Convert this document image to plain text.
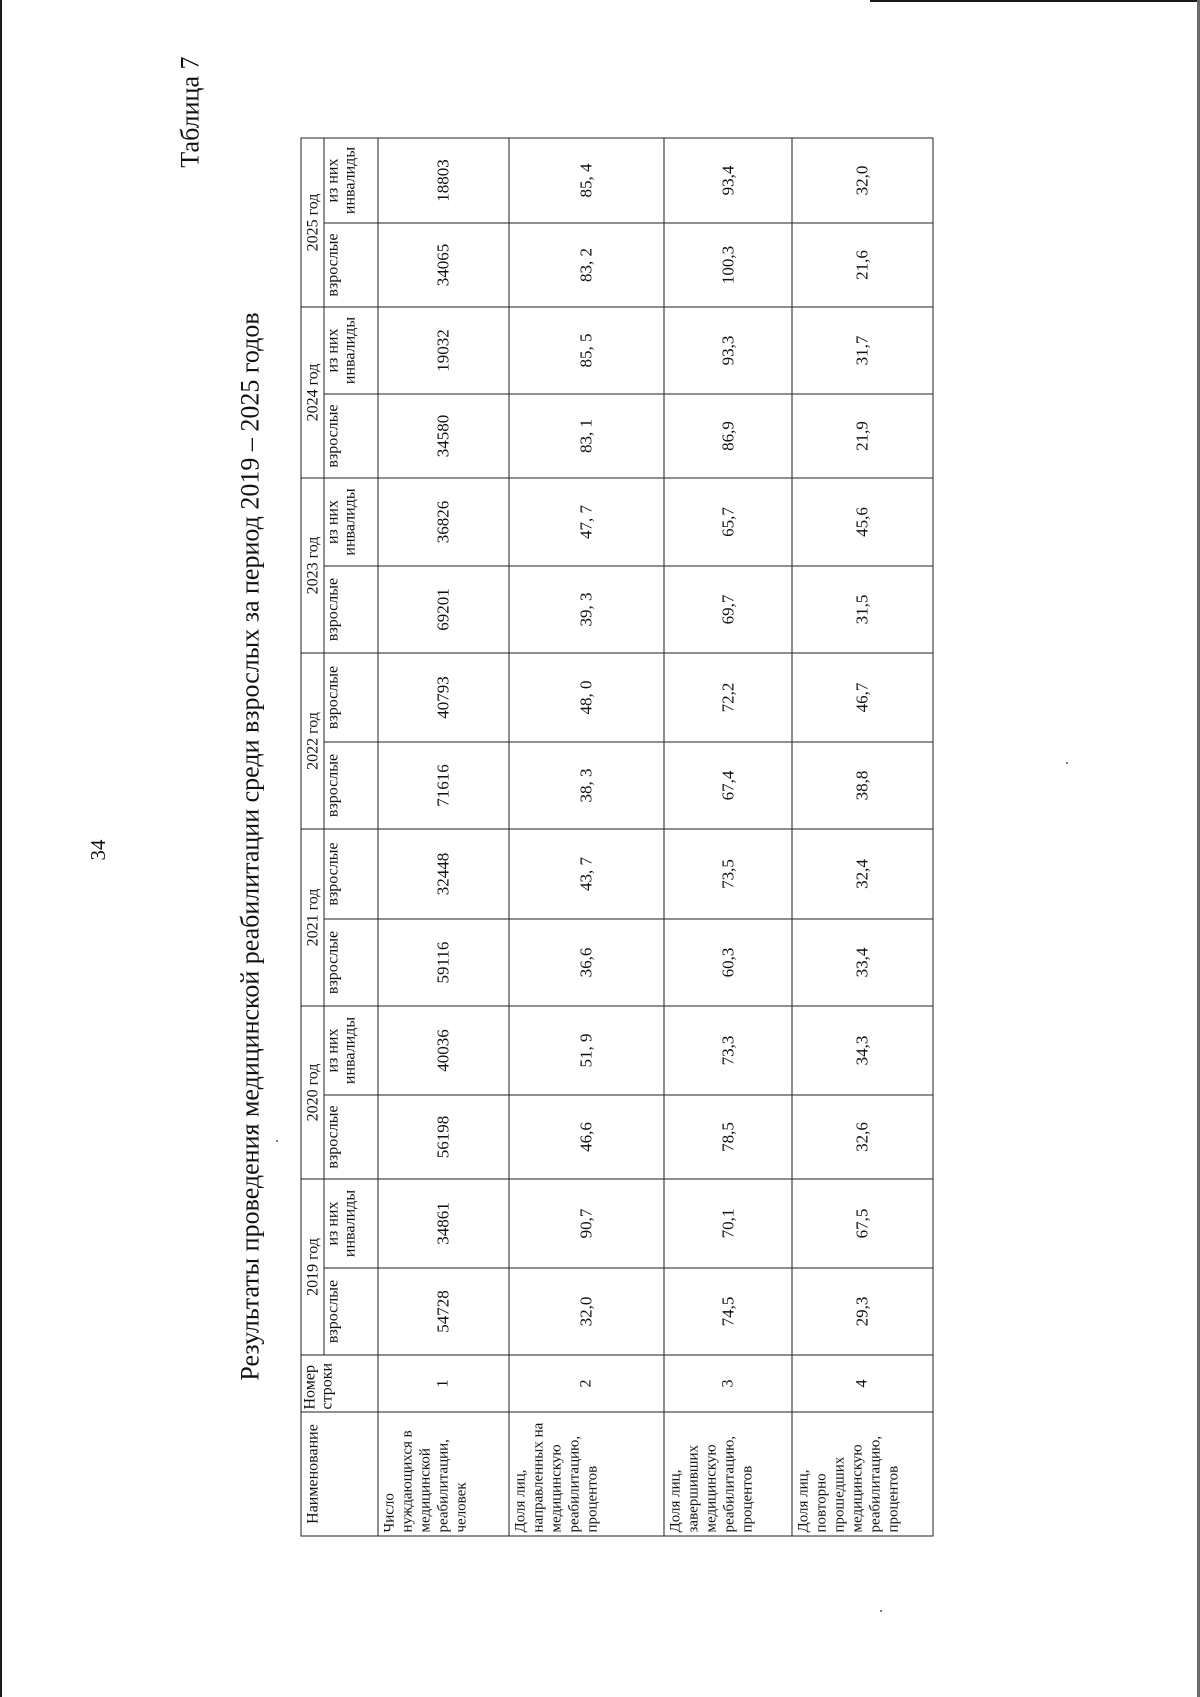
34
Таблица 7
Результаты проведения медицинской реабилитации среди взрослых за период 2019 – 2025 годов
Наименование	Номер строки	2019 год		2020 год		2021 год		2022 год		2023 год		2024 год		2025 год	
		взрослые	из них инвалиды	взрослые	из них инвалиды	взрослые	взрослые	взрослые	взрослые	взрослые	из них инвалиды	взрослые	из них инвалиды	взрослые	из них инвалиды
Число нуждающихся в медицинской реабилитации, человек	1	54728	34861	56198	40036	59116	32448	71616	40793	69201	36826	34580	19032	34065	18803
Доля лиц, направленных на медицинскую реабилитацию, процентов	2	32,0	90,7	46,6	51, 9	36,6	43, 7	38, 3	48, 0	39, 3	47, 7	83, 1	85, 5	83, 2	85, 4
Доля лиц, завершивших медицинскую реабилитацию, процентов	3	74,5	70,1	78,5	73,3	60,3	73,5	67,4	72,2	69,7	65,7	86,9	93,3	100,3	93,4
Доля лиц, повторно прошедших медицинскую реабилитацию, процентов	4	29,3	67,5	32,6	34,3	33,4	32,4	38,8	46,7	31,5	45,6	21,9	31,7	21,6	32,0
